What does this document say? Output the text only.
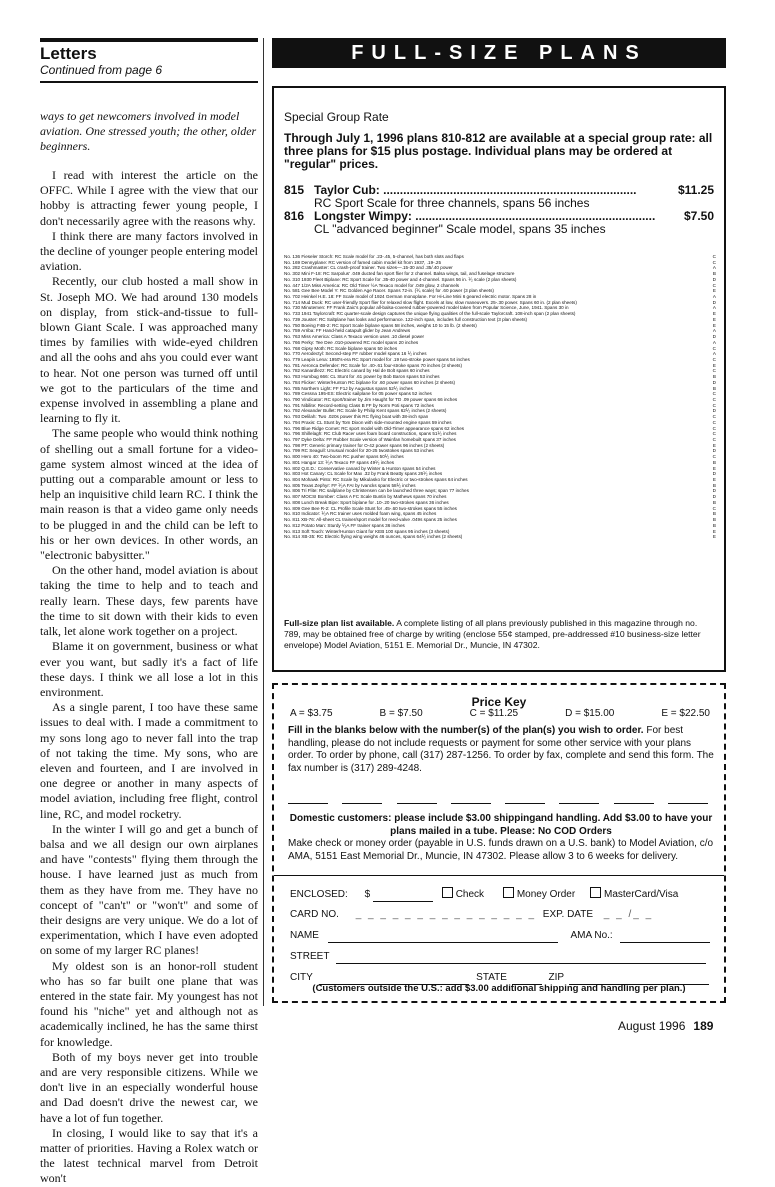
Letters
Continued from page 6
ways to get newcomers involved in model aviation. One stressed youth; the other, older beginners.

I read with interest the article on the OFFC. While I agree with the view that our hobby is attracting fewer young people, I don't necessarily agree with the reasons why.

I think there are many factors involved in the decline of younger people entering model aviation.

Recently, our club hosted a mall show in St. Joseph MO. We had around 130 models on display, from stick-and-tissue to full-blown Giant Scale. I was approached many times by families with wide-eyed children and all the oohs and ahs you could ever want to hear. Not one person was turned off until we got to the particulars of the time and expense involved in assembling a plane and learning to fly it.

The same people who would think nothing of shelling out a small fortune for a video-game system almost winced at the idea of putting out a comparable amount or less to help an inquisitive child learn RC. I think the main reason is that a video game only needs to be plugged in and the child can be left to his or her own devices. In other words, an "electronic babysitter."

On the other hand, model aviation is about taking the time to help and to teach and really learn. These days, few parents have the time to sit down with their kids to even talk, let alone work together on a project.

Blame it on government, business or what ever you want, but sadly it's a fact of life these days. I think we all lose a lot in this environment.

As a single parent, I too have these same issues to deal with. I made a commitment to my sons long ago to never fall into the trap of not taking the time. My sons, who are eleven and fourteen, and I are involved in one degree or another in many aspects of model aviation, including free flight, control line, RC, and model rocketry.

In the winter I will go and get a bunch of balsa and we all design our own airplanes and have "contests" flying them through the house. I have learned just as much from them as they have from me. They have no concept of "can't" or "won't" and some of their designs are very unique. We do a lot of experimentation, which I have even adopted on some of my larger RC planes!

My oldest son is an honor-roll student who has so far built one plane that was entered in the state fair. My youngest has not found his "niche" yet and although not as academically inclined, he has the same thirst for knowledge.

Both of my boys never get into trouble and are very responsible citizens. While we don't live in an especially wonderful house and Dad doesn't drive the newest car, we have a lot of fun together.

In closing, I would like to say that it's a matter of priorities. Having a Rolex watch or the latest technical marvel from Detroit won't

FULL-SIZE PLANS
Special Group Rate
Through July 1, 1996 plans 810-812 are available at a special group rate: all three plans for $15 plus postage. Individual plans may be ordered at "regular" prices.
815 Taylor Cub: ............................................................................	$11.25
RC Sport Scale for three channels, spans 56 inches
816 Longster Wimpy: ........................................................................ $7.50
CL "advanced beginner" Scale model, spans 35 inches
No. 136 Fieseler Storch: RC Scale model for .23-.45, 5-channel, has both slots and flaps	C
No. 169 Dennyplane: RC version of famed cabin model kit from 1937, .19-.25	C
No. 282 Crashmaster: CL crash-proof trainer. Two sizes—.15-30 and .35/.40 power	A
No. 302 Mini F-18: RC Sarpolus' .049 ducted fan sport flier for 2 channel. Balsa wings, tail, and fuselage structure	B
No. 310 1930 Fleet Biplane: RC Sport Scale for .35-40 power and 4-channel. Spans 56 in. ⅟₂ scale (2 plan sheets)	D
No. 447 1/2A Miss America: RC Old Timer ½A Texaco model for .049 glow, 2 channels	C
No. 581 Gee Bee Model Y: RC Golden Age Racer. Spans 72-in. (⅟₄ scale) for .60 power (3 plan sheets)	E
No. 702 Heinkel H.E. 18: FF Scale model of 1924 German monoplane. For Hi-Line Mini 6 geared electric motor. Spans 28 in	A
No. 714 Mud Duck: RC user-friendly Sport flier for relaxed slow flight. Excels at low, slow maneuvers. 25-.30 power. Spans 60 in. (2 plan sheets)	D
No. 730 Minutemen: FF Frank Zaic's popular all-balsa-covered rubber-powered model taken from Popular Science, June, 1941. Spans 30 in	A
No. 733 1941 Taylorcraft: RC quarter-scale design captures the unique flying qualities of the full-scale Taylorcraft. 108-inch span (2 plan sheets)	E
No. 739 Jouster: RC Saltplane has looks and performance. 122-inch span, includes full construction text (3 plan sheets)	E
No. 750 Boeing F4B-2: RC Sport Scale biplane spans 58 inches, weighs 10 to 15 lb. (2 sheets)	E
No. 759 Arriba: FF Hand-held catapult glider by Jean Andrews	A
No. 763 Miss America: Class A Texaco version uses .10 diesel power	D
No. 766 Perky: Tee Dee .010-powered RC model spans 20 inches	A
No. 768 Gipsy Moth: RC Scale biplane spans 50 inches	C
No. 770 Aerodectyl: Second-step FF rubber model spans 16 ⅟₂ inches	A
No. 779 Leapin Lena: 1950's-era RC Sport model for .19 two-stroke power spans 54 inches	C
No. 781 Aeronca Defender: RC Scale for .40-.61 four-stroke spans 70 inches (2 sheets)	E
No. 782 Kanardlezz: RC Electric canard by Hal de Bolt spans 60 inches	C
No. 783 Humbug 666: CL Stunt for .61 power by Bob Baron spans 53 inches	B
No. 784 Flicker: Winter/Hunton RC biplane for .60 power spans 60 inches (2 sheets)	D
No. 785 Northern Light: FF F1J by Augustus spans 52⅟₂ inches	B
No. 789 Cessna 195-ES: Electric sailplane for 05 power spans 52 inches	C
No. 790 Vindicator: RC sport/trainer by Jim Haught for TD .09 power spans 66 inches	C
No. 791 Nibilite: Record-setting Class B FF by Norm Poti spans 72 inches	C
No. 792 Alexander Bullet: RC Scale by Philip Kent spans 62⅟₂ inches (2 sheets)	D
No. 793 Delilah: Two .020s power this RC flying boat with 38-inch span	C
No. 794 Praxis: CL Stunt by Tom Dixon with side-mounted engine spans 59 inches	C
No. 796 Blue Ridge Comet: RC sport model with Old-Timer appearance spans 62 inches	C
No. 796 Shillelagh: RC Club Racer uses foam board construction, spans 51⅟₂ inches	C
No. 797 Dyke Delta: FF Rubber Scale version of Wainfan homebuilt spans 37 inches	C
No. 798 PT: Generic primary trainer for O-42 power spans 96 inches (2 sheets)	E
No. 799 RC Seagull: Unusual model for 20-25 twostokes spans 53 inches	D
No. 800 Hero 40: Two-boom RC pusher spans 50⅟₂ inches	C
No. 801 Hangar 13: ⅟₂A Texaco FF spans 49⅟₂ inches	B
No. 802 Q.E.D.: Conservative canard by Winter & Hunton spans 54 inches	E
No. 803 Hot Canary: CL Scale for Max .32 by Frank Beatty spans 26⅟₂ inches	D
No. 804 Mohawk Pinto: RC Scale by Mikulasko for Electric or two-strokes spans 64 inches	E
No. 805 Texas Zephyr: FF ⅟₂A FAI by Ivancks spans 58⅟₂ inches	B
No. 806 Tri Flite: RC sailplane by Christensen can be launched three ways; span 77 inches	D
No. 807 MOCSI Bomber: Class A FC Scale Buntin by Mathews spans 70 inches	D
No. 808 Lunch Break Bipe: Sport biplane for .10-.20 two-strokes spans 36 inches	B
No. 809 Gee Bee R-2: CL Profile Scale Stunt for .45-.60 two-strokes spans 55 inches	C
No. 810 Indicator: ⅟₂A RC trainer uses molded foam wing, spans 45 inches	B
No. 811 XB-76: All-sheet CL trainer/sport model for reed-valve .049s spans 25 inches	B
No. 812 Potato Man: Sturdy ⅟₂A FF trainer spans 36 inches	B
No. 813 Soft Touch: Winter/Hunton Giant for KEB 100 spans 95 inches (3 sheets)	E
No. 814 XB-35: RC Electric flying wing weighs 46 ounces, spans 64⅟₂ inches (2 sheets)	E
Full-size plan list available. A complete listing of all plans previously published in this magazine through no. 789, may be obtained free of charge by writing (enclose 55¢ stamped, pre-addressed #10 business-size letter envelope) Model Aviation, 5151 E. Memorial Dr., Muncie, IN 47302.
Price Key
A = $3.75	B = $7.50	C = $11.25	D = $15.00	E = $22.50
Fill in the blanks below with the number(s) of the plan(s) you wish to order. For best handling, please do not include requests or payment for some other service with your plans order. To order by phone, call (317) 287-1256. To order by fax, complete and send this form. The fax number is (317) 289-4248.
Domestic customers: please include $3.00 shippingand handling. Add $3.00 to have your plans mailed in a tube. Please: No COD Orders
Make check or money order (payable in U.S. funds drawn on a U.S. bank) to Model Aviation, c/o AMA, 5151 East Memorial Dr., Muncie, IN 47302. Please allow 3 to 6 weeks for delivery.
ENCLOSED: $	Check	Money Order	MasterCard/Visa
CARD NO. _ _ _ _ _ _ _ _ _ _ _ _ _ _ _ EXP. DATE _ _ /_ _
NAME	AMA No.:
STREET
CITY	STATE	ZIP
(Customers outside the U.S.: add $3.00 additional shipping and handling per plan.)
August 1996 189
